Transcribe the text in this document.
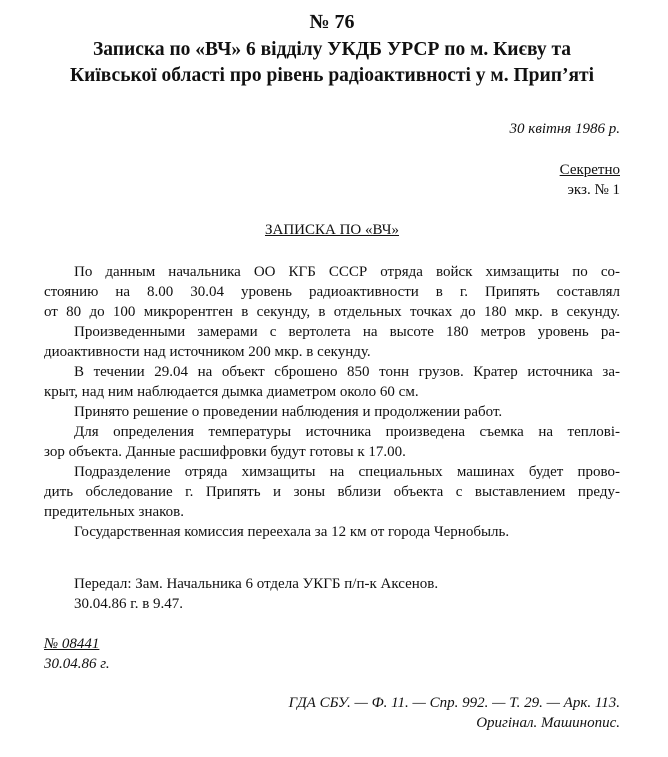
№ 76
Записка по «ВЧ» 6 відділу УКДБ УРСР по м. Києву та
Київської області про рівень радіоактивності у м. Прип’яті
30 квітня 1986 р.
Секретно
экз. № 1
ЗАПИСКА ПО «ВЧ»
По данным начальника ОО КГБ СССР отряда войск химзащиты по со-
стоянию на 8.00 30.04 уровень радиоактивности в г. Припять составлял
от 80 до 100 микрорентген в секунду, в отдельных точках до 180 мкр. в секунду.
Произведенными замерами с вертолета на высоте 180 метров уровень ра-
диоактивности над источником 200 мкр. в секунду.
В течении 29.04 на объект сброшено 850 тонн грузов. Кратер источника за-
крыт, над ним наблюдается дымка диаметром около 60 см.
Принято решение о проведении наблюдения и продолжении работ.
Для определения температуры источника произведена съемка на тепловi-
зор объекта. Данные расшифровки будут готовы к 17.00.
Подразделение отряда химзащиты на специальных машинах будет прово-
дить обследование г. Припять и зоны вблизи объекта с выставлением преду-
предительных знаков.
Государственная комиссия переехала за 12 км от города Чернобыль.
Передал: Зам. Начальника 6 отдела УКГБ п/п-к Аксенов.
30.04.86 г. в 9.47.
№ 08441
30.04.86 г.
ГДА СБУ. — Ф. 11. — Спр. 992. — Т. 29. — Арк. 113.
Оригінал. Машинопис.
